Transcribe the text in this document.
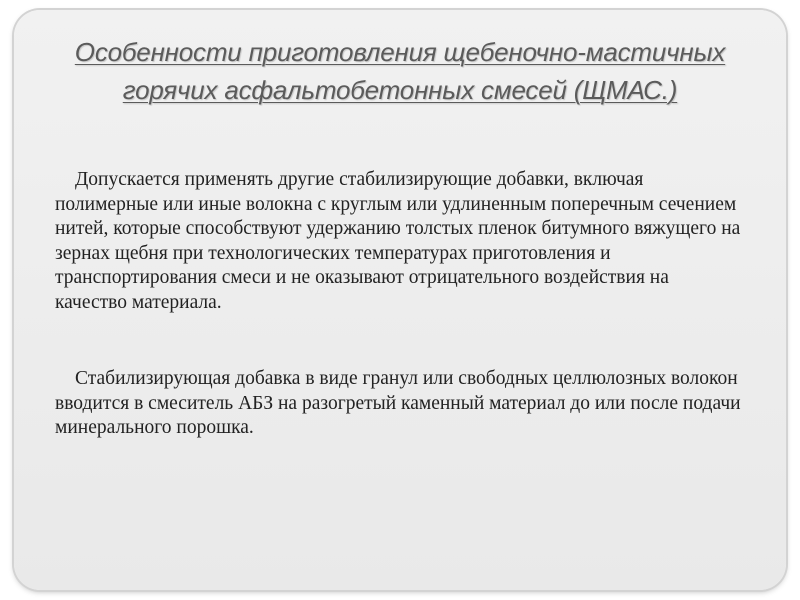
Особенности приготовления щебеночно-мастичных
горячих асфальтобетонных смесей (ЩМАС.)

Допускается применять другие стабилизирующие добавки, включая полимерные или иные волокна с круглым или удлиненным поперечным сечением нитей, которые способствуют удержанию толстых пленок битумного вяжущего на зернах щебня при технологических температурах приготовления и транспортирования смеси и не оказывают отрицательного воздействия на качество материала.

Стабилизирующая добавка в виде гранул или свободных целлюлозных волокон вводится в смеситель АБЗ на разогретый каменный материал до или после подачи минерального порошка.
